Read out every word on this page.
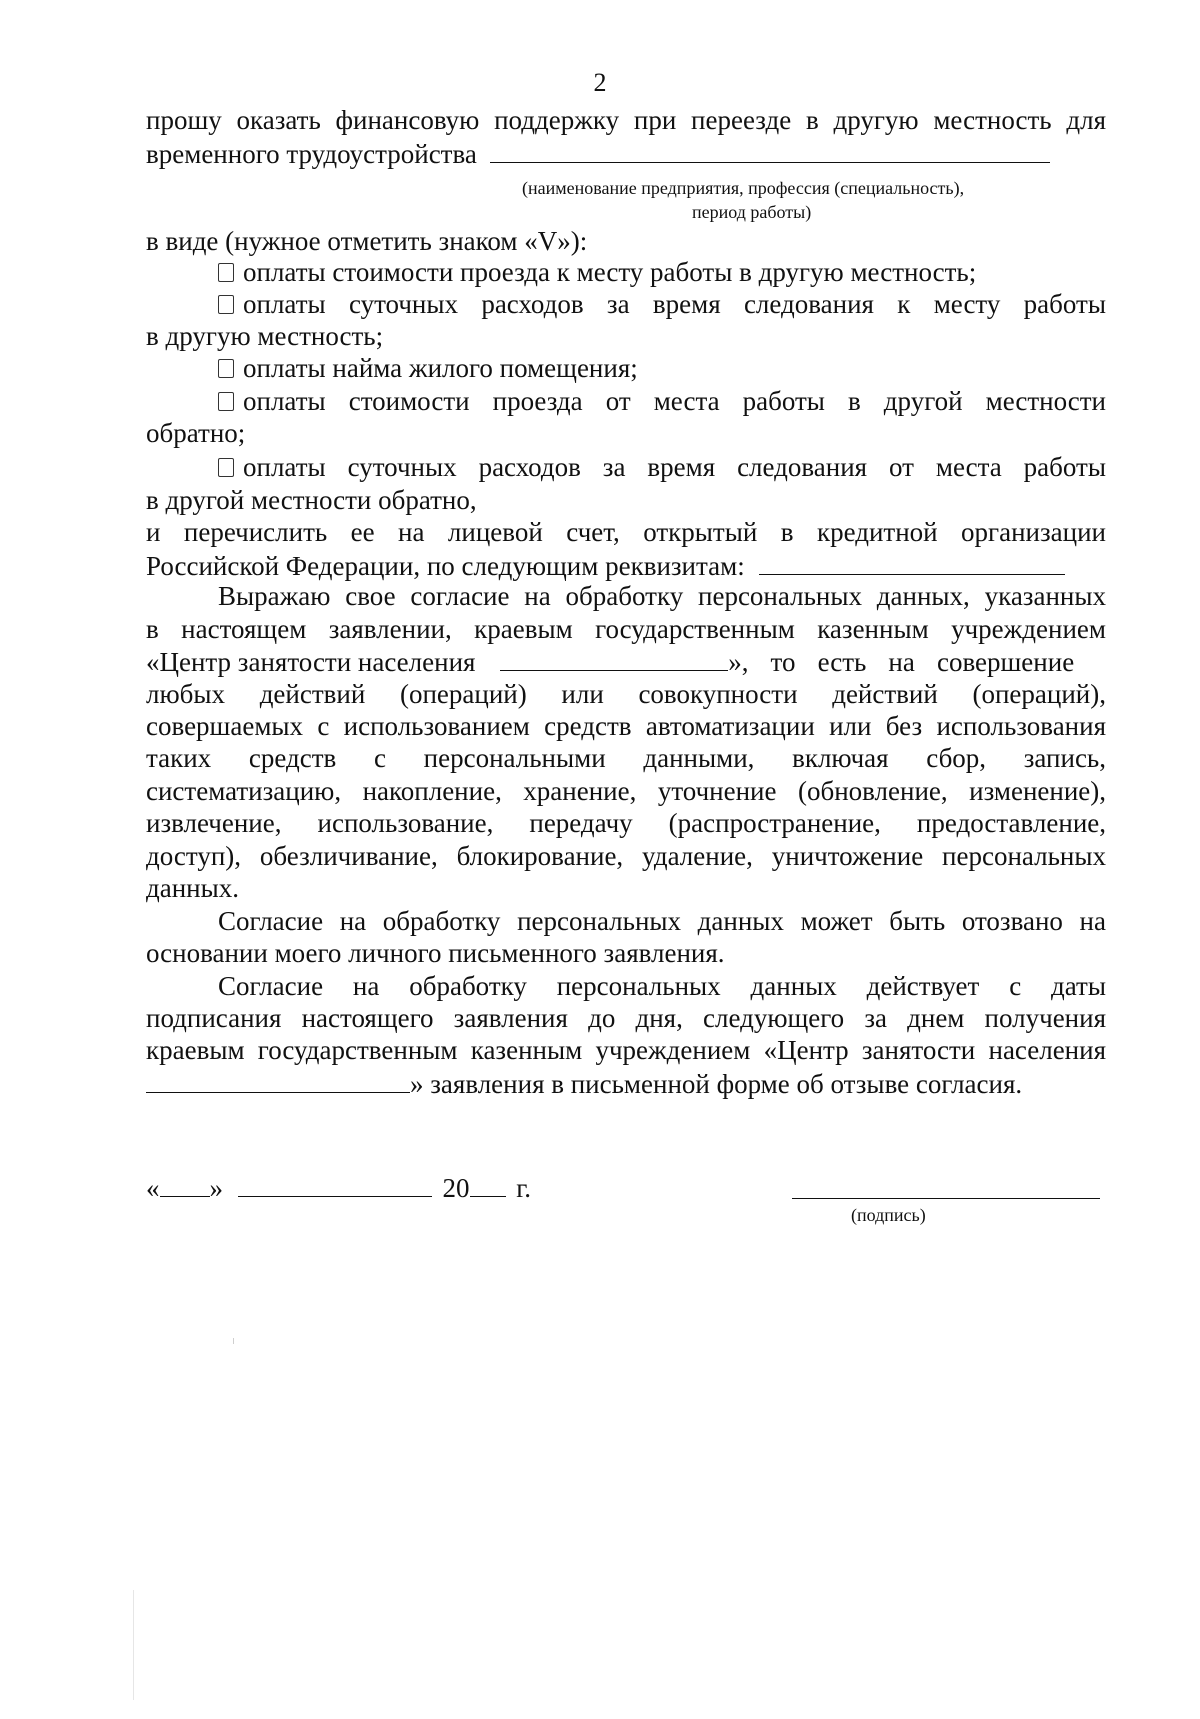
2
прошу оказать финансовую поддержку при переезде в другую местность для
временного трудоустройства
(наименование предприятия, профессия (специальность),
период работы)
в виде (нужное отметить знаком «V»):
оплаты стоимости проезда к месту работы в другую местность;
оплаты суточных расходов за время следования к месту работы
в другую местность;
оплаты найма жилого помещения;
оплаты стоимости проезда от места работы в другой местности
обратно;
оплаты суточных расходов за время следования от места работы
в другой местности обратно,
и перечислить ее на лицевой счет, открытый в кредитной организации
Российской Федерации, по следующим реквизитам:
Выражаю свое согласие на обработку персональных данных, указанных
в настоящем заявлении, краевым государственным казенным учреждением
«Центр занятости населения	», то есть на совершение
любых действий (операций) или совокупности действий (операций),
совершаемых с использованием средств автоматизации или без использования
таких средств с персональными данными, включая сбор, запись,
систематизацию, накопление, хранение, уточнение (обновление, изменение),
извлечение, использование, передачу (распространение, предоставление,
доступ), обезличивание, блокирование, удаление, уничтожение персональных
данных.
Согласие на обработку персональных данных может быть отозвано на
основании моего личного письменного заявления.
Согласие на обработку персональных данных действует с даты
подписания настоящего заявления до дня, следующего за днем получения
краевым государственным казенным учреждением «Центр занятости населения
» заявления в письменной форме об отзыве согласия.
« »	20 г.
(подпись)
